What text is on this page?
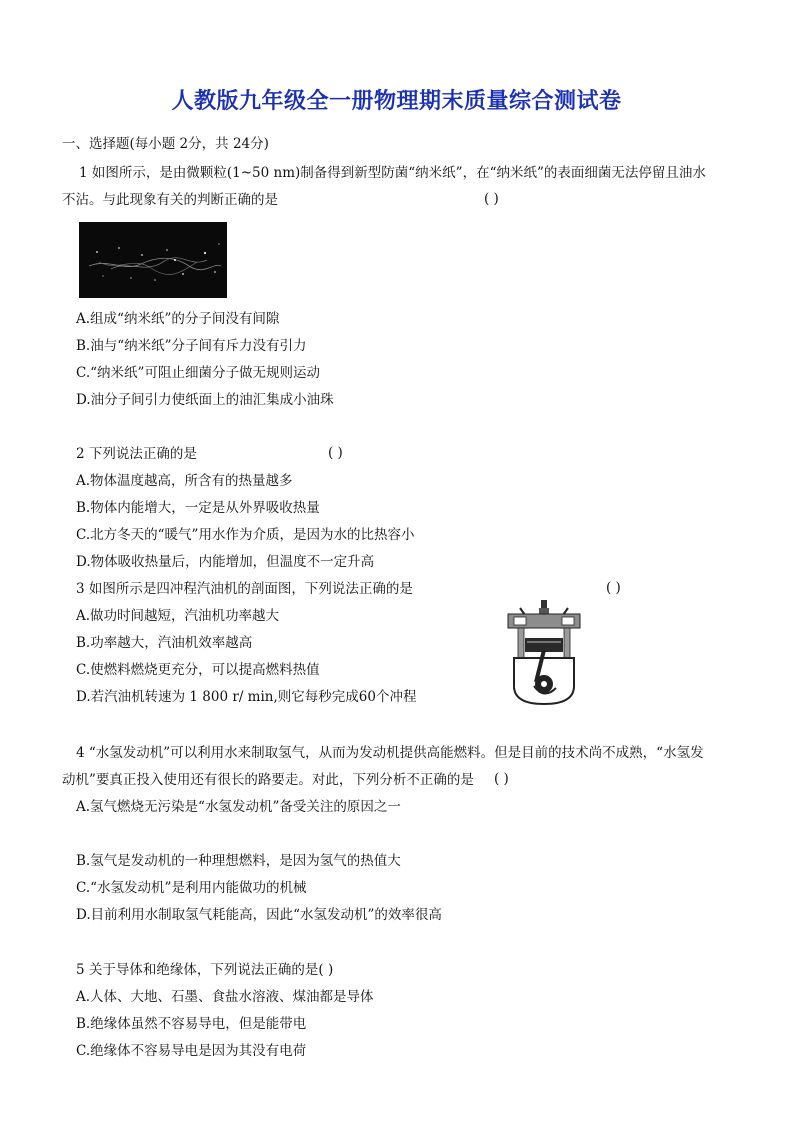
人教版九年级全一册物理期末质量综合测试卷
一、选择题(每小题 2分，共 24分)
1 如图所示，是由微颗粒(1~50 nm)制备得到新型防菌“纳米纸”，在“纳米纸”的表面细菌无法停留且油水
不沾。与此现象有关的判断正确的是	( )
A.组成“纳米纸”的分子间没有间隙
B.油与“纳米纸”分子间有斥力没有引力
C.“纳米纸”可阻止细菌分子做无规则运动
D.油分子间引力使纸面上的油汇集成小油珠
2 下列说法正确的是	( )
A.物体温度越高，所含有的热量越多
B.物体内能增大，一定是从外界吸收热量
C.北方冬天的“暖气”用水作为介质，是因为水的比热容小
D.物体吸收热量后，内能增加，但温度不一定升高
3 如图所示是四冲程汽油机的剖面图，下列说法正确的是	( )
A.做功时间越短，汽油机功率越大
B.功率越大，汽油机效率越高
C.使燃料燃烧更充分，可以提高燃料热值
D.若汽油机转速为 1 800 r/ min,则它每秒完成60个冲程
4 “水氢发动机”可以利用水来制取氢气，从而为发动机提供高能燃料。但是目前的技术尚不成熟，“水氢发
动机”要真正投入使用还有很长的路要走。对此，下列分析不正确的是 ( )
A.氢气燃烧无污染是“水氢发动机”备受关注的原因之一
B.氢气是发动机的一种理想燃料，是因为氢气的热值大
C.“水氢发动机”是利用内能做功的机械
D.目前利用水制取氢气耗能高，因此“水氢发动机”的效率很高
5 关于导体和绝缘体，下列说法正确的是( )
A.人体、大地、石墨、食盐水溶液、煤油都是导体
B.绝缘体虽然不容易导电，但是能带电
C.绝缘体不容易导电是因为其没有电荷
